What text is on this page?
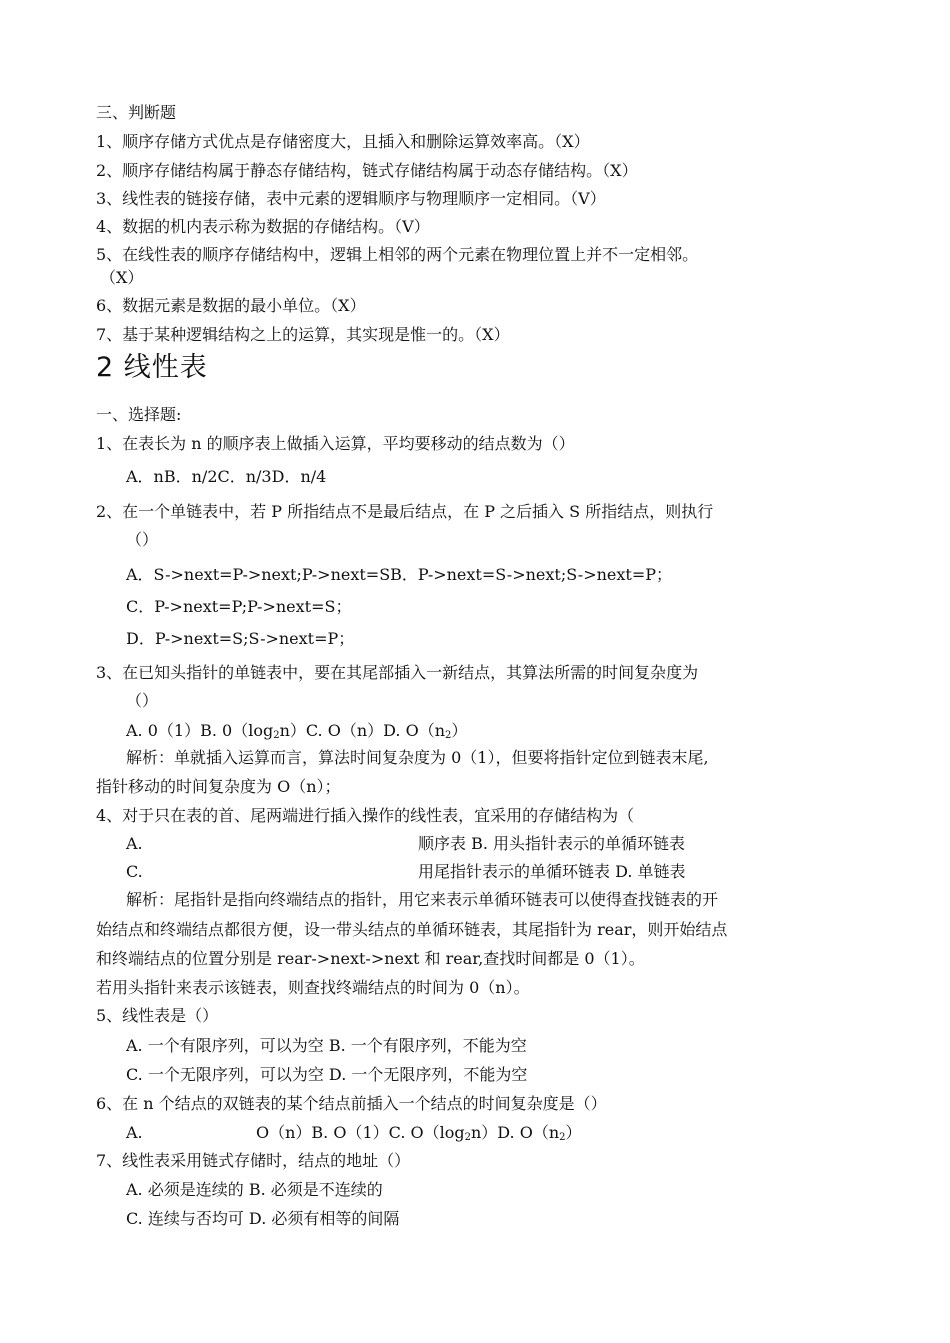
三、判断题
1、顺序存储方式优点是存储密度大，且插入和删除运算效率高。（X）
2、顺序存储结构属于静态存储结构，链式存储结构属于动态存储结构。（X）
3、线性表的链接存储，表中元素的逻辑顺序与物理顺序一定相同。（V）
4、数据的机内表示称为数据的存储结构。（V）
5、在线性表的顺序存储结构中，逻辑上相邻的两个元素在物理位置上并不一定相邻。
（X）
6、数据元素是数据的最小单位。（X）
7、基于某种逻辑结构之上的运算，其实现是惟一的。（X）
2 线性表
一、选择题:
1、在表长为 n 的顺序表上做插入运算，平均要移动的结点数为（）
A．nB．n/2C．n/3D．n/4
2、在一个单链表中，若 P 所指结点不是最后结点，在 P 之后插入 S 所指结点，则执行
（）
A．S->next=P->next;P->next=SB．P->next=S->next;S->next=P；
C．P->next=P;P->next=S；
D．P->next=S;S->next=P；
3、在已知头指针的单链表中，要在其尾部插入一新结点，其算法所需的时间复杂度为
（）
A. 0（1）B. $0(\log_2n)C$. O（n）D. $O(n_2)$
解析：单就插入运算而言，算法时间复杂度为 0（1），但要将指针定位到链表末尾,
指针移动的时间复杂度为 O（n）；
4、对于只在表的首、尾两端进行插入操作的线性表，宜采用的存储结构为（
A.	顺序表 B. 用头指针表示的单循环链表
C.	用尾指针表示的单循环链表 D. 单链表
解析：尾指针是指向终端结点的指针，用它来表示单循环链表可以使得查找链表的开
始结点和终端结点都很方便，设一带头结点的单循环链表，其尾指针为 rear，则开始结点
和终端结点的位置分别是 rear->next->next 和 rear,查找时间都是 0（1）。
若用头指针来表示该链表，则查找终端结点的时间为 0（n）。
5、线性表是（）
A. 一个有限序列，可以为空 B. 一个有限序列，不能为空
C. 一个无限序列，可以为空 D. 一个无限序列，不能为空
6、在 n 个结点的双链表的某个结点前插入一个结点的时间复杂度是（）
A.	O（n）B. O（1）C. $O(\log_2n)D$. $O(n_2)$
7、线性表采用链式存储时，结点的地址（）
A. 必须是连续的 B. 必须是不连续的
C. 连续与否均可 D. 必须有相等的间隔
